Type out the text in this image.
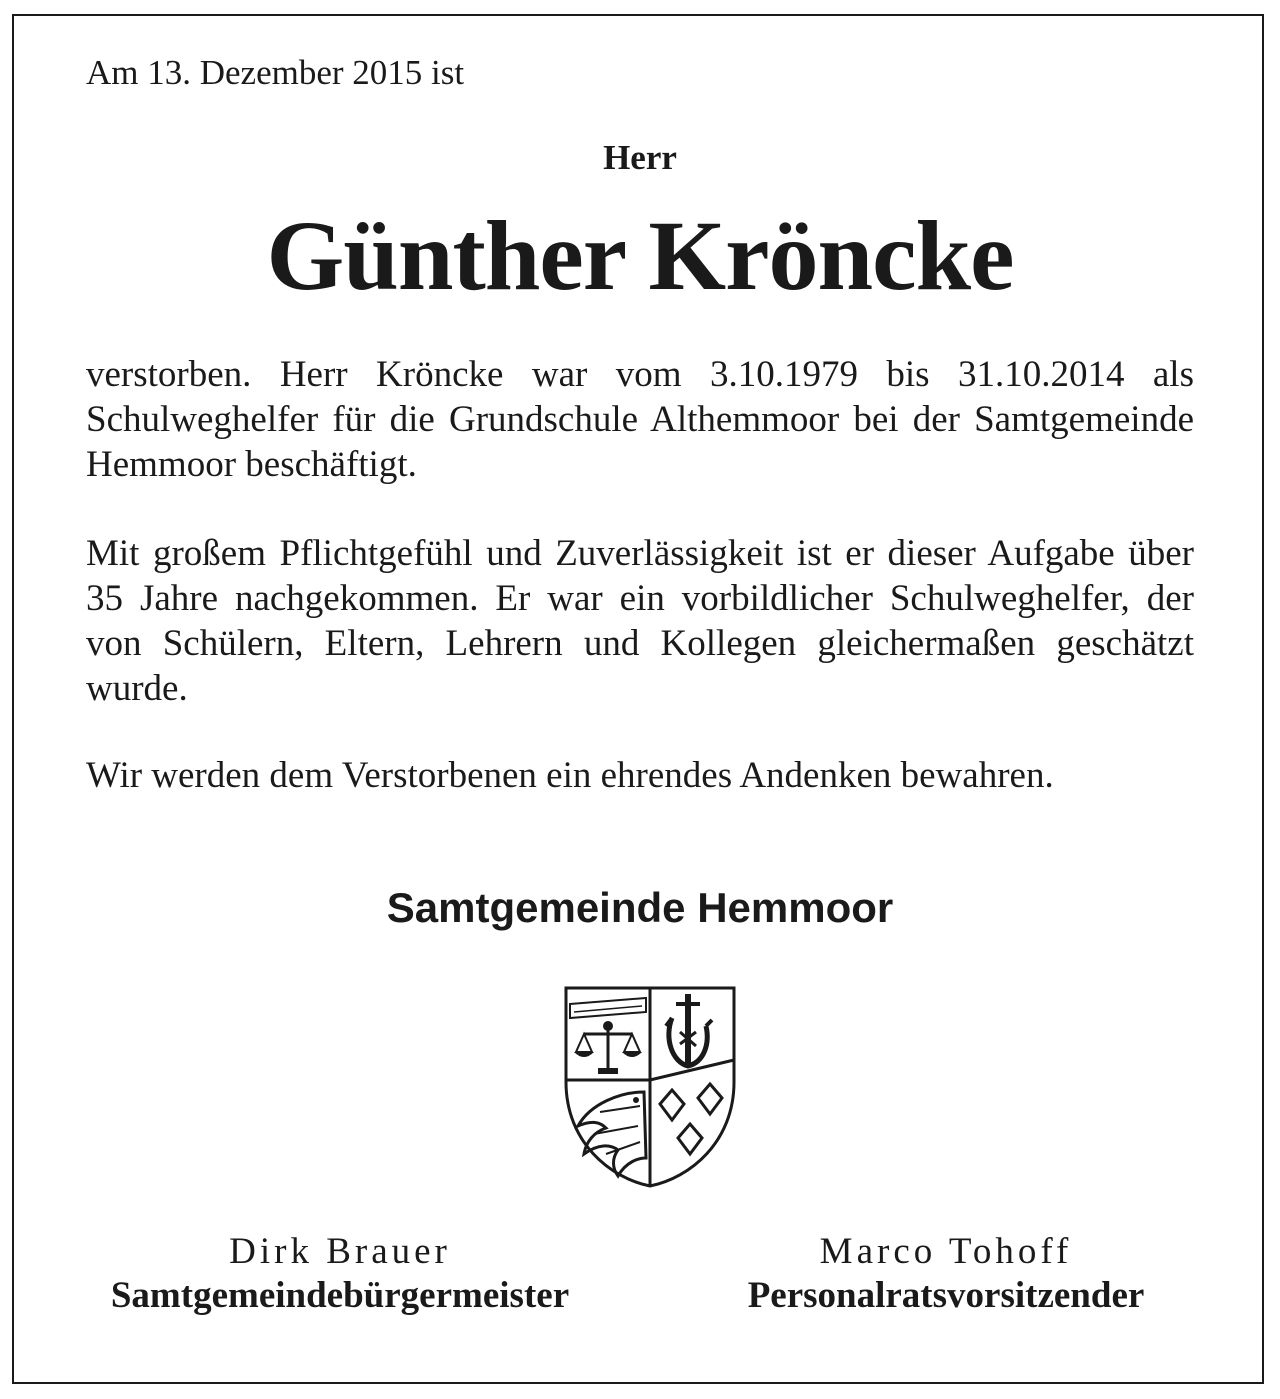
Am 13. Dezember 2015 ist
Herr
Günther Kröncke
verstorben. Herr Kröncke war vom 3.10.1979 bis 31.10.2014 als Schulweghelfer für die Grundschule Althemmoor bei der Samtgemeinde Hemmoor beschäftigt.
Mit großem Pflichtgefühl und Zuverlässigkeit ist er dieser Aufgabe über 35 Jahre nachgekommen. Er war ein vorbildlicher Schulweghelfer, der von Schülern, Eltern, Lehrern und Kollegen gleichermaßen geschätzt wurde.
Wir werden dem Verstorbenen ein ehrendes Andenken bewahren.
Samtgemeinde Hemmoor
Dirk Brauer
Samtgemeindebürgermeister
Marco Tohoff
Personalratsvorsitzender
